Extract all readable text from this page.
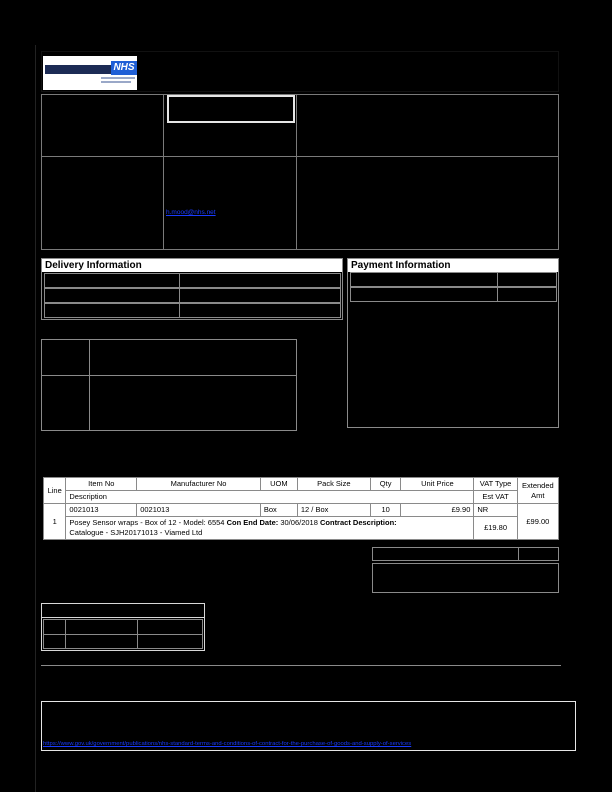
NHS
h.mood@nhs.net
Delivery Information	Payment Information
Line	Item No	Manufacturer No	UOM	Pack Size	Qty	Unit Price	VAT Type	Extended Amt
	Description						Est VAT	
1	0021013	0021013	Box	12 / Box	10	£9.90	NR	£99.00
	Posey Sensor wraps - Box of 12 - Model: 6554 Con End Date: 30/06/2018 Contract Description:
Catalogue - SJH20171013 - Viamed Ltd						£19.80	
https://www.gov.uk/government/publications/nhs-standard-terms-and-conditions-of-contract-for-the-purchase-of-goods-and-supply-of-services
